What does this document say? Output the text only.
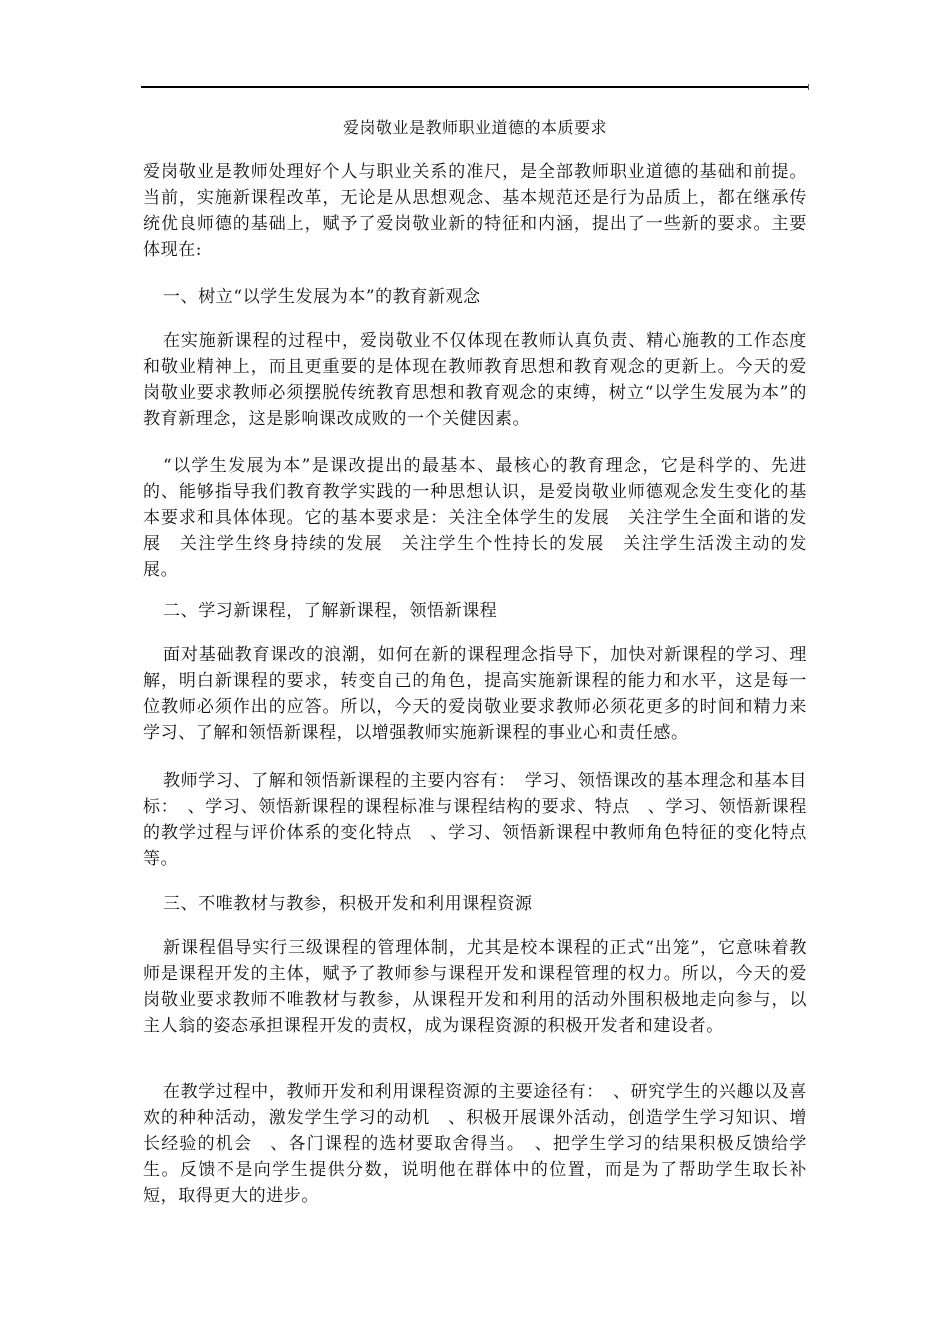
爱岗敬业是教师职业道德的本质要求

爱岗敬业是教师处理好个人与职业关系的准尺，是全部教师职业道德的基础和前提。当前，实施新课程改革，无论是从思想观念、基本规范还是行为品质上，都在继承传统优良师德的基础上，赋予了爱岗敬业新的特征和内涵，提出了一些新的要求。主要体现在:

一、树立“以学生发展为本”的教育新观念

在实施新课程的过程中，爱岗敬业不仅体现在教师认真负责、精心施教的工作态度和敬业精神上，而且更重要的是体现在教师教育思想和教育观念的更新上。今天的爱岗敬业要求教师必须摆脱传统教育思想和教育观念的束缚，树立“以学生发展为本”的教育新理念，这是影响课改成败的一个关健因素。

“以学生发展为本”是课改提出的最基本、最核心的教育理念，它是科学的、先进的、能够指导我们教育教学实践的一种思想认识，是爱岗敬业师德观念发生变化的基本要求和具体体现。它的基本要求是：关注全体学生的发展　关注学生全面和谐的发展　关注学生终身持续的发展　关注学生个性持长的发展　关注学生活泼主动的发展。

二、学习新课程，了解新课程，领悟新课程

面对基础教育课改的浪潮，如何在新的课程理念指导下，加快对新课程的学习、理解，明白新课程的要求，转变自己的角色，提高实施新课程的能力和水平，这是每一位教师必须作出的应答。所以，今天的爱岗敬业要求教师必须花更多的时间和精力来学习、了解和领悟新课程，以增强教师实施新课程的事业心和责任感。

教师学习、了解和领悟新课程的主要内容有：　学习、领悟课改的基本理念和基本目标：　、学习、领悟新课程的课程标准与课程结构的要求、特点　、学习、领悟新课程的教学过程与评价体系的变化特点　、学习、领悟新课程中教师角色特征的变化特点等。

三、不唯教材与教参，积极开发和利用课程资源

新课程倡导实行三级课程的管理体制，尤其是校本课程的正式“出笼”，它意味着教师是课程开发的主体，赋予了教师参与课程开发和课程管理的权力。所以，今天的爱岗敬业要求教师不唯教材与教参，从课程开发和利用的活动外围积极地走向参与，以主人翁的姿态承担课程开发的责权，成为课程资源的积极开发者和建设者。

在教学过程中，教师开发和利用课程资源的主要途径有：　、研究学生的兴趣以及喜欢的种种活动，激发学生学习的动机　、积极开展课外活动，创造学生学习知识、增长经验的机会　、各门课程的选材要取舍得当。　、把学生学习的结果积极反馈给学生。反馈不是向学生提供分数，说明他在群体中的位置，而是为了帮助学生取长补短，取得更大的进步。
